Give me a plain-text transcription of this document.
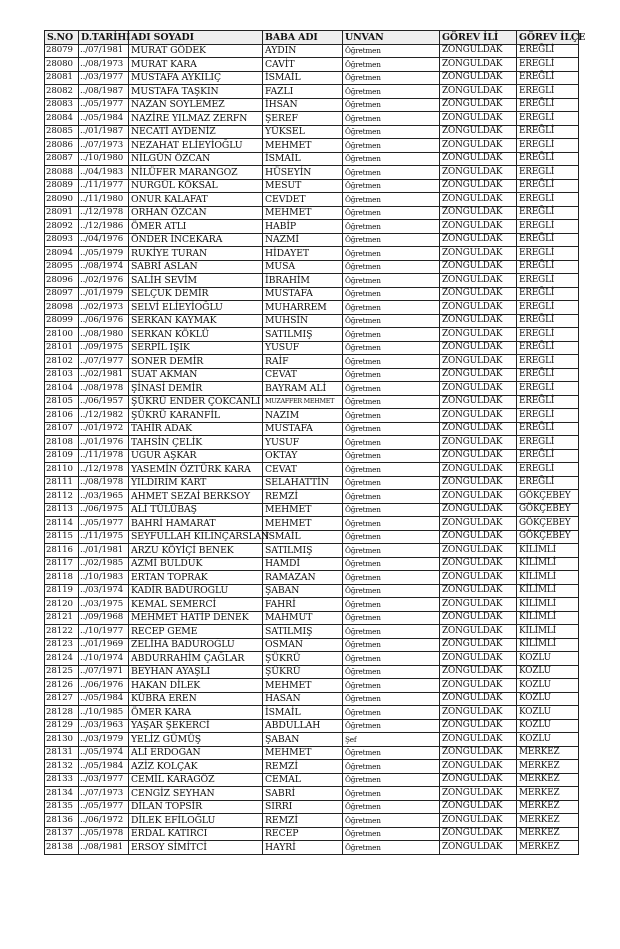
S.NO	D.TARİHİ	ADI SOYADI	BABA ADI	UNVAN	GÖREV İLİ	GÖREV İLÇE
28079	../07/1981	MURAT GÖDEK	AYDIN	Öğretmen	ZONGULDAK	EREĞLİ
28080	../08/1973	MURAT KARA	CAVİT	Öğretmen	ZONGULDAK	EREĞLİ
28081	../03/1977	MUSTAFA AYKILIÇ	İSMAİL	Öğretmen	ZONGULDAK	EREĞLİ
28082	../08/1987	MUSTAFA TAŞKIN	FAZLI	Öğretmen	ZONGULDAK	EREĞLİ
28083	../05/1977	NAZAN SOYLEMEZ	İHSAN	Öğretmen	ZONGULDAK	EREĞLİ
28084	../05/1984	NAZİRE YILMAZ ZERFN	ŞEREF	Öğretmen	ZONGULDAK	EREĞLİ
28085	../01/1987	NECATİ AYDENİZ	YÜKSEL	Öğretmen	ZONGULDAK	EREĞLİ
28086	../07/1973	NEZAHAT ELİEYİOĞLU	MEHMET	Öğretmen	ZONGULDAK	EREĞLİ
28087	../10/1980	NİLGÜN ÖZCAN	İSMAİL	Öğretmen	ZONGULDAK	EREĞLİ
28088	../04/1983	NİLÜFER MARANGOZ	HÜSEYİN	Öğretmen	ZONGULDAK	EREĞLİ
28089	../11/1977	NURGÜL KÖKSAL	MESUT	Öğretmen	ZONGULDAK	EREĞLİ
28090	../11/1980	ONUR KALAFAT	CEVDET	Öğretmen	ZONGULDAK	EREĞLİ
28091	../12/1978	ORHAN ÖZCAN	MEHMET	Öğretmen	ZONGULDAK	EREĞLİ
28092	../12/1986	ÖMER ATLI	HABİP	Öğretmen	ZONGULDAK	EREĞLİ
28093	../04/1976	ÖNDER İNCEKARA	NAZMİ	Öğretmen	ZONGULDAK	EREĞLİ
28094	../05/1979	RUKİYE TURAN	HİDAYET	Öğretmen	ZONGULDAK	EREĞLİ
28095	../08/1974	SABRİ ASLAN	MUSA	Öğretmen	ZONGULDAK	EREĞLİ
28096	../02/1976	SALİH SEVİM	İBRAHİM	Öğretmen	ZONGULDAK	EREĞLİ
28097	../01/1979	SELÇUK DEMİR	MUSTAFA	Öğretmen	ZONGULDAK	EREĞLİ
28098	../02/1973	SELVİ ELİEYİOĞLU	MUHARREM	Öğretmen	ZONGULDAK	EREĞLİ
28099	../06/1976	SERKAN KAYMAK	MUHSİN	Öğretmen	ZONGULDAK	EREĞLİ
28100	../08/1980	SERKAN KÖKLÜ	SATILMIŞ	Öğretmen	ZONGULDAK	EREĞLİ
28101	../09/1975	SERPİL IŞIK	YUSUF	Öğretmen	ZONGULDAK	EREĞLİ
28102	../07/1977	SONER DEMİR	RAİF	Öğretmen	ZONGULDAK	EREĞLİ
28103	../02/1981	SUAT AKMAN	CEVAT	Öğretmen	ZONGULDAK	EREĞLİ
28104	../08/1978	ŞİNASİ DEMİR	BAYRAM ALİ	Öğretmen	ZONGULDAK	EREĞLİ
28105	../06/1957	ŞÜKRÜ ENDER ÇOKCANLI	MUZAFFER MEHMET	Öğretmen	ZONGULDAK	EREĞLİ
28106	../12/1982	ŞÜKRÜ KARANFİL	NAZIM	Öğretmen	ZONGULDAK	EREĞLİ
28107	../01/1972	TAHİR ADAK	MUSTAFA	Öğretmen	ZONGULDAK	EREĞLİ
28108	../01/1976	TAHSİN ÇELİK	YUSUF	Öğretmen	ZONGULDAK	EREĞLİ
28109	../11/1978	UĞUR AŞKAR	OKTAY	Öğretmen	ZONGULDAK	EREĞLİ
28110	../12/1978	YASEMİN ÖZTÜRK KARA	CEVAT	Öğretmen	ZONGULDAK	EREĞLİ
28111	../08/1978	YILDIRIM KART	SELAHATTİN	Öğretmen	ZONGULDAK	EREĞLİ
28112	../03/1965	AHMET SEZAİ BERKSOY	REMZİ	Öğretmen	ZONGULDAK	GÖKÇEBEY
28113	../06/1975	ALİ TÜLÜBAŞ	MEHMET	Öğretmen	ZONGULDAK	GÖKÇEBEY
28114	../05/1977	BAHRİ HAMARAT	MEHMET	Öğretmen	ZONGULDAK	GÖKÇEBEY
28115	../11/1975	SEYFULLAH KILINÇARSLAN	İSMAİL	Öğretmen	ZONGULDAK	GÖKÇEBEY
28116	../01/1981	ARZU KÖYİÇİ BENEK	SATILMIŞ	Öğretmen	ZONGULDAK	KİLİMLİ
28117	../02/1985	AZMİ BULDUK	HAMDİ	Öğretmen	ZONGULDAK	KİLİMLİ
28118	../10/1983	ERTAN TOPRAK	RAMAZAN	Öğretmen	ZONGULDAK	KİLİMLİ
28119	../03/1974	KADİR BADUROĞLU	ŞABAN	Öğretmen	ZONGULDAK	KİLİMLİ
28120	../03/1975	KEMAL SEMERCİ	FAHRİ	Öğretmen	ZONGULDAK	KİLİMLİ
28121	../09/1968	MEHMET HATİP DENEK	MAHMUT	Öğretmen	ZONGULDAK	KİLİMLİ
28122	../10/1977	RECEP GEME	SATILMIŞ	Öğretmen	ZONGULDAK	KİLİMLİ
28123	../01/1969	ZELİHA BADUROĞLU	OSMAN	Öğretmen	ZONGULDAK	KİLİMLİ
28124	../10/1974	ABDURRAHİM ÇAĞLAR	ŞÜKRÜ	Öğretmen	ZONGULDAK	KOZLU
28125	../07/1971	BEYHAN AYAŞLI	ŞÜKRÜ	Öğretmen	ZONGULDAK	KOZLU
28126	../06/1976	HAKAN DİLEK	MEHMET	Öğretmen	ZONGULDAK	KOZLU
28127	../05/1984	KÜBRA EREN	HASAN	Öğretmen	ZONGULDAK	KOZLU
28128	../10/1985	ÖMER KARA	İSMAİL	Öğretmen	ZONGULDAK	KOZLU
28129	../03/1963	YAŞAR ŞEKERCİ	ABDULLAH	Öğretmen	ZONGULDAK	KOZLU
28130	../03/1979	YELİZ GÜMÜŞ	ŞABAN	Şef	ZONGULDAK	KOZLU
28131	../05/1974	ALİ ERDOĞAN	MEHMET	Öğretmen	ZONGULDAK	MERKEZ
28132	../05/1984	AZİZ KOLÇAK	REMZİ	Öğretmen	ZONGULDAK	MERKEZ
28133	../03/1977	CEMİL KARAGÖZ	CEMAL	Öğretmen	ZONGULDAK	MERKEZ
28134	../07/1973	CENGİZ SEYHAN	SABRİ	Öğretmen	ZONGULDAK	MERKEZ
28135	../05/1977	DİLAN TOPSİR	SIRRI	Öğretmen	ZONGULDAK	MERKEZ
28136	../06/1972	DİLEK EFİLOĞLU	REMZİ	Öğretmen	ZONGULDAK	MERKEZ
28137	../05/1978	ERDAL KATIRCI	RECEP	Öğretmen	ZONGULDAK	MERKEZ
28138	../08/1981	ERSOY SİMİTCİ	HAYRİ	Öğretmen	ZONGULDAK	MERKEZ
